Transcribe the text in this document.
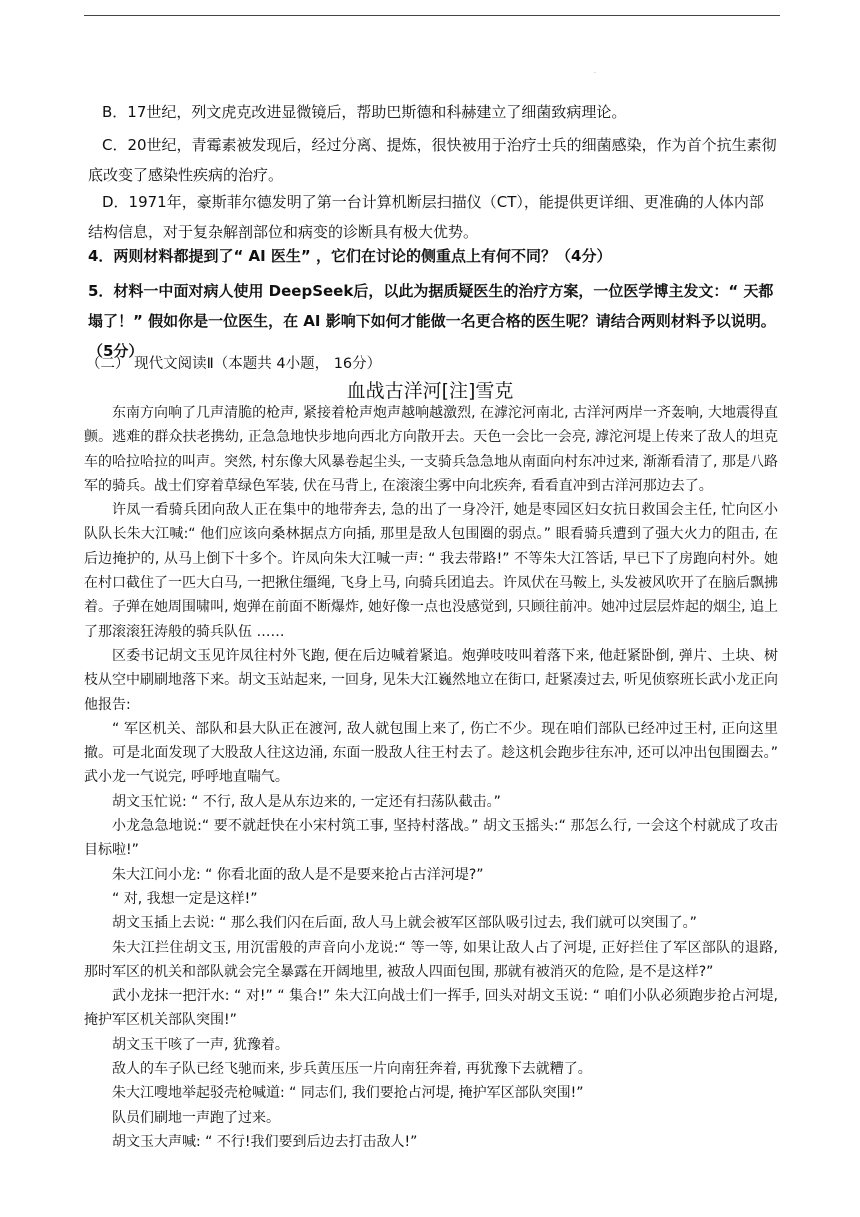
·
B．17世纪，列文虎克改进显微镜后，帮助巴斯德和科赫建立了细菌致病理论。
C．20世纪，青霉素被发现后，经过分离、提炼，很快被用于治疗士兵的细菌感染，作为首个抗生素彻底改变了感染性疾病的治疗。
D．1971年，豪斯菲尔德发明了第一台计算机断层扫描仪（CT），能提供更详细、更准确的人体内部结构信息，对于复杂解剖部位和病变的诊断具有极大优势。
4．两则材料都提到了“ AI 医生” ，它们在讨论的侧重点上有何不同？（4分）
5．材料一中面对病人使用 DeepSeek后，以此为据质疑医生的治疗方案，一位医学博主发文：“ 天都塌了！” 假如你是一位医生，在 AI 影响下如何才能做一名更合格的医生呢？请结合两则材料予以说明。（5分）
（二） 现代文阅读Ⅱ（本题共 4小题， 16分）
血战古洋河[注]雪克

东南方向响了几声清脆的枪声, 紧接着枪声炮声越响越激烈, 在滹沱河南北, 古洋河两岸一齐轰响, 大地震得直颤。逃难的群众扶老携幼, 正急急地快步地向西北方向散开去。天色一会比一会亮, 滹沱河堤上传来了敌人的坦克车的哈拉哈拉的叫声。突然, 村东像大风暴卷起尘头, 一支骑兵急急地从南面向村东冲过来, 渐渐看清了, 那是八路军的骑兵。战士们穿着草绿色军装, 伏在马背上, 在滚滚尘雾中向北疾奔, 看看直冲到古洋河那边去了。

许凤一看骑兵团向敌人正在集中的地带奔去, 急的出了一身冷汗, 她是枣园区妇女抗日救国会主任, 忙向区小队队长朱大江喊:“ 他们应该向桑林据点方向插, 那里是敌人包围圈的弱点。” 眼看骑兵遭到了强大火力的阻击, 在后边掩护的, 从马上倒下十多个。许凤向朱大江喊一声: “ 我去带路!” 不等朱大江答话, 早已下了房跑向村外。她在村口截住了一匹大白马, 一把揪住缰绳, 飞身上马, 向骑兵团追去。许凤伏在马鞍上, 头发被风吹开了在脑后飘拂着。子弹在她周围啸叫, 炮弹在前面不断爆炸, 她好像一点也没感觉到, 只顾往前冲。她冲过层层炸起的烟尘, 追上了那滚滚狂涛般的骑兵队伍 ……

区委书记胡文玉见许凤往村外飞跑, 便在后边喊着紧追。炮弹吱吱叫着落下来, 他赶紧卧倒, 弹片、土块、树枝从空中刷刷地落下来。胡文玉站起来, 一回身, 见朱大江巍然地立在街口, 赶紧凑过去, 听见侦察班长武小龙正向他报告:

“ 军区机关、部队和县大队正在渡河, 敌人就包围上来了, 伤亡不少。现在咱们部队已经冲过王村, 正向这里撤。可是北面发现了大股敌人往这边涌, 东面一股敌人往王村去了。趁这机会跑步往东冲, 还可以冲出包围圈去。” 武小龙一气说完, 呼呼地直喘气。

胡文玉忙说: “ 不行, 敌人是从东边来的, 一定还有扫荡队截击。”

小龙急急地说:“ 要不就赶快在小宋村筑工事, 坚持村落战。” 胡文玉摇头:“ 那怎么行, 一会这个村就成了攻击目标啦!”

朱大江问小龙: “ 你看北面的敌人是不是要来抢占古洋河堤?”

“ 对, 我想一定是这样!”

胡文玉插上去说: “ 那么我们闪在后面, 敌人马上就会被军区部队吸引过去, 我们就可以突围了。”

朱大江拦住胡文玉, 用沉雷般的声音向小龙说:“ 等一等, 如果让敌人占了河堤, 正好拦住了军区部队的退路, 那时军区的机关和部队就会完全暴露在开阔地里, 被敌人四面包围, 那就有被消灭的危险, 是不是这样?”

武小龙抹一把汗水: “ 对!” “ 集合!” 朱大江向战士们一挥手, 回头对胡文玉说: “ 咱们小队必须跑步抢占河堤, 掩护军区机关部队突围!”

胡文玉干咳了一声, 犹豫着。

敌人的车子队已经飞驰而来, 步兵黄压压一片向南狂奔着, 再犹豫下去就糟了。

朱大江嗖地举起驳壳枪喊道: “ 同志们, 我们要抢占河堤, 掩护军区部队突围!”

队员们刷地一声跑了过来。

胡文玉大声喊: “ 不行!我们要到后边去打击敌人!”
